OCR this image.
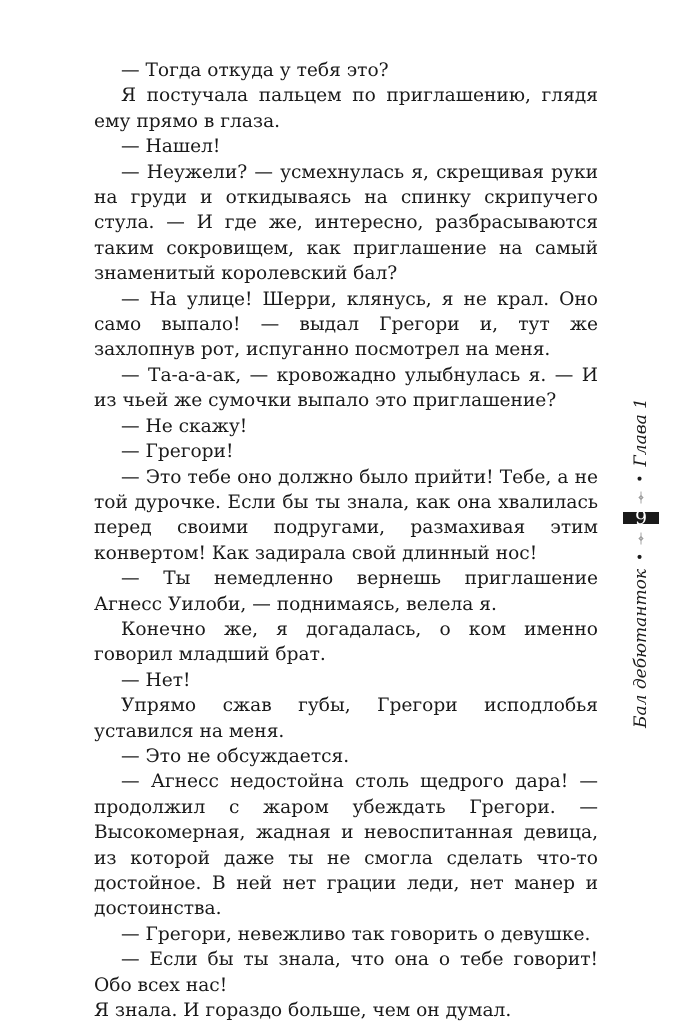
— Тогда откуда у тебя это?

Я постучала пальцем по приглашению, глядя ему прямо в глаза.

— Нашел!

— Неужели? — усмехнулась я, скрещивая руки на груди и откидываясь на спинку скрипучего стула. — И где же, интересно, разбрасываются таким сокровищем, как приглашение на самый знаменитый королевский бал?

— На улице! Шерри, клянусь, я не крал. Оно само выпало! — выдал Грегори и, тут же захлопнув рот, испуганно посмотрел на меня.

— Та-а-а-ак, — кровожадно улыбнулась я. — И из чьей же сумочки выпало это приглашение?

— Не скажу!

— Грегори!

— Это тебе оно должно было прийти! Тебе, а не той дурочке. Если бы ты знала, как она хвалилась перед своими подругами, размахивая этим конвертом! Как задирала свой длинный нос!

— Ты немедленно вернешь приглашение Агнесс Уилоби, — поднимаясь, велела я.

Конечно же, я догадалась, о ком именно говорил младший брат.

— Нет!

Упрямо сжав губы, Грегори исподлобья уставился на меня.

— Это не обсуждается.

— Агнесс недостойна столь щедрого дара! — продолжил с жаром убеждать Грегори. — Высокомерная, жадная и невоспитанная девица, из которой даже ты не смогла сделать что-то достойное. В ней нет грации леди, нет манер и достоинства.

— Грегори, невежливо так говорить о девушке.

— Если бы ты знала, что она о тебе говорит! Обо всех нас!

Я знала. И гораздо больше, чем он думал.

Бал дебютанток
•
9
•
Глава 1
